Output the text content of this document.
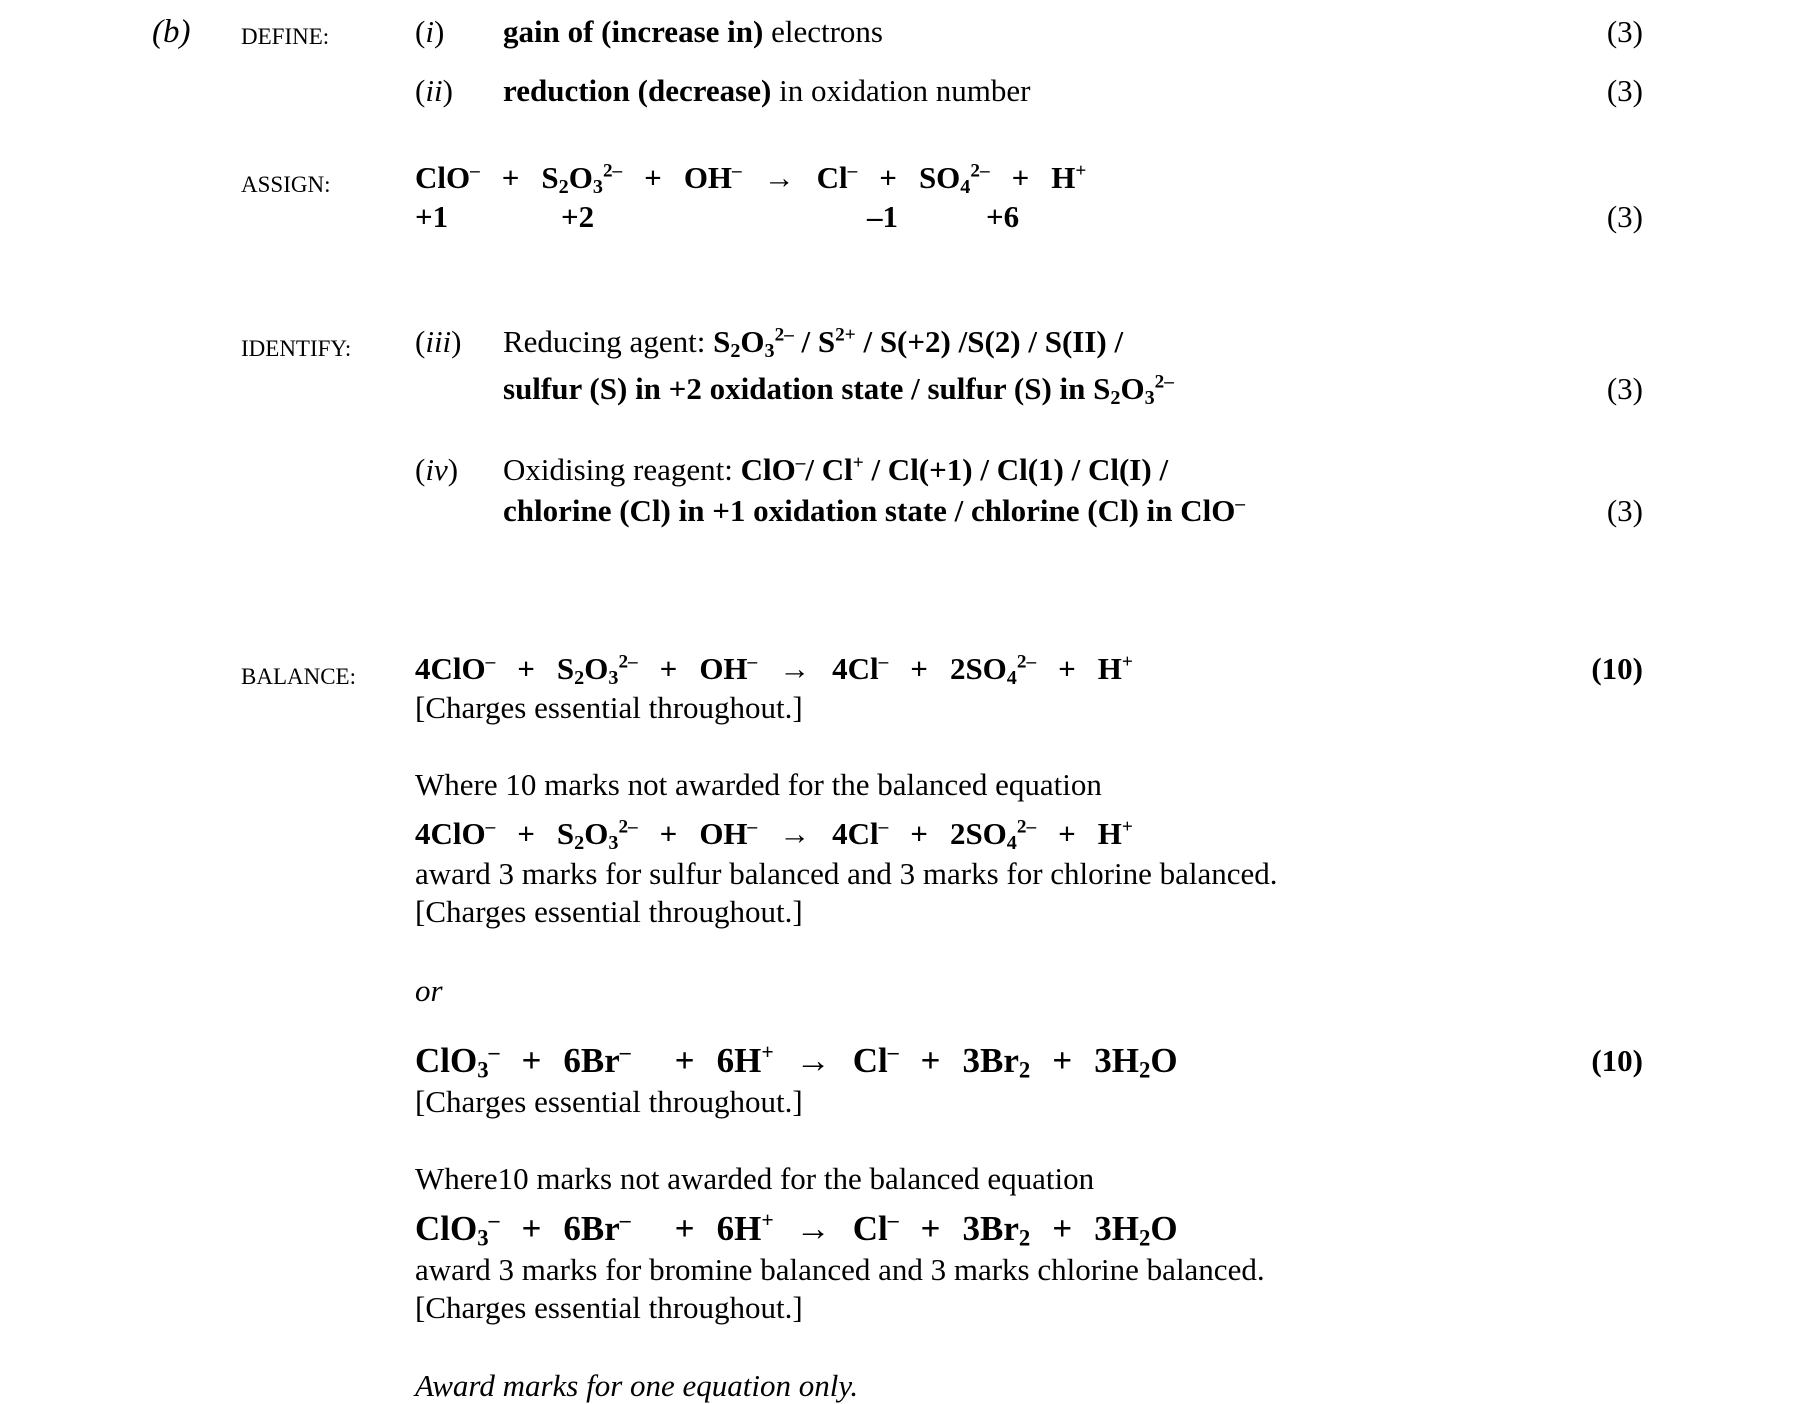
(b) DEFINE:	(i) gain of (increase in) electrons	(3)
(ii) reduction (decrease) in oxidation number	(3)
ASSIGN:	$ClO^- + S_2O_3^{2-} + OH^- \to Cl^- + SO_4^{2-} + H^+$
+1	+2	–1	+6	(3)
IDENTIFY: (iii) Reducing agent: $S_2O_3^{2-} / S^{2+} / S(+2)$ /S(2) / S(II) /
sulfur (S) in +2 oxidation state / sulfur (S) in $S_2O_3^{2-}$	(3)
(iv) Oxidising reagent: ClO–/ Cl+ / Cl(+1) / Cl(1) / Cl(I) /
chlorine (Cl) in +1 oxidation state / chlorine (Cl) in ClO–	(3)
BALANCE: $4ClO^- + S_2O_3^{2-} + OH^- \to 4Cl^- + 2SO_4^{2-} + H^+$	(10)
[Charges essential throughout.]
Where 10 marks not awarded for the balanced equation
$4ClO^- + S_2O_3^{2-} + OH^- \to 4Cl^- + 2SO_4^{2-} + H^+$
award 3 marks for sulfur balanced and 3 marks for chlorine balanced.
[Charges essential throughout.]
or
$ClO_3^- + 6Br^- + 6H^+ \to Cl^- + 3Br_2 + 3H_2O$	(10)
[Charges essential throughout.]
Where10 marks not awarded for the balanced equation
$ClO_3^- + 6Br^- + 6H^+ \to Cl^- + 3Br_2 + 3H_2O$
award 3 marks for bromine balanced and 3 marks chlorine balanced.
[Charges essential throughout.]
Award marks for one equation only.
